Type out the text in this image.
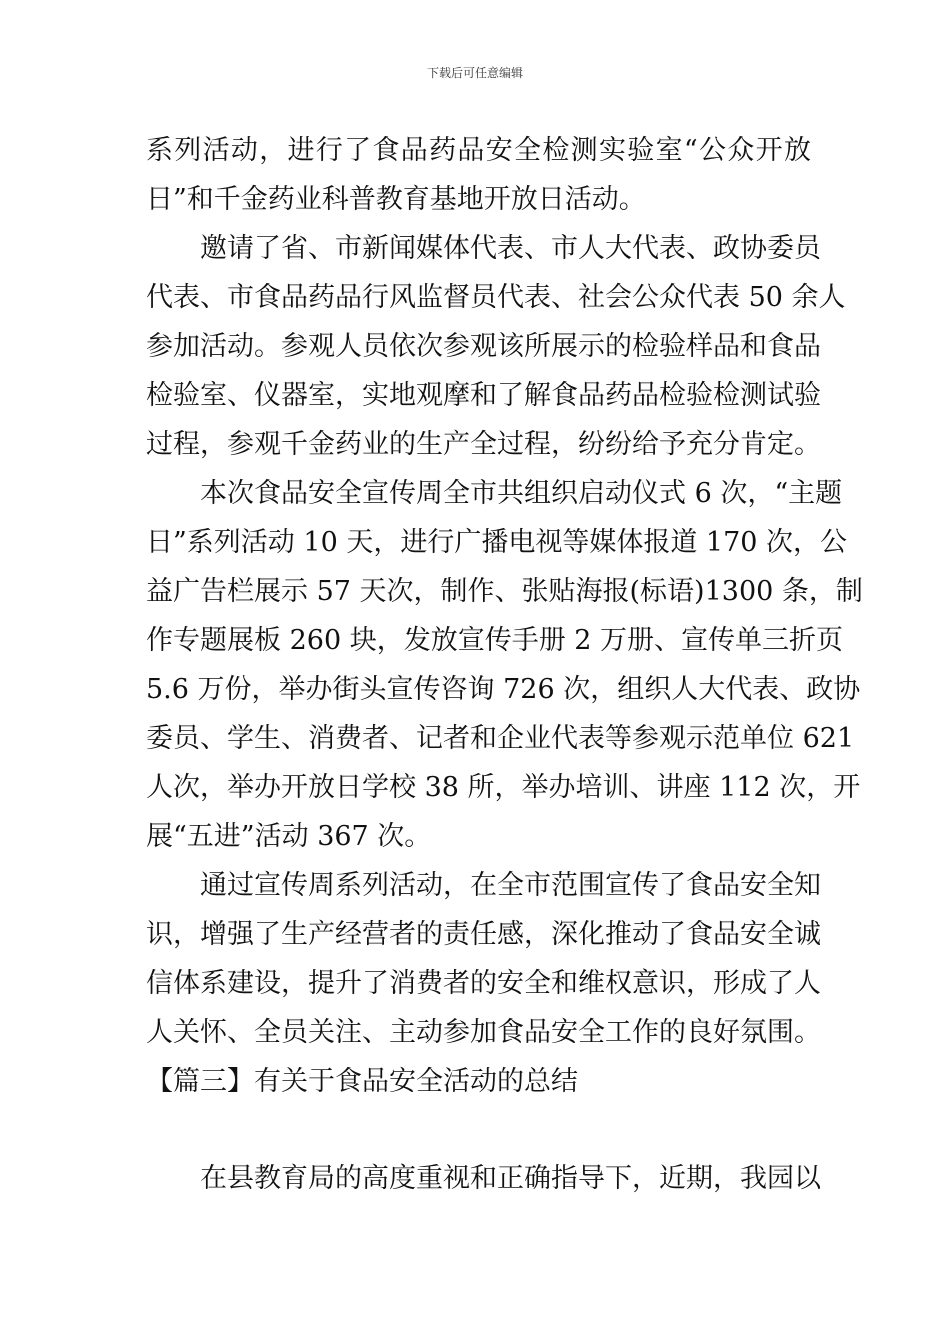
下载后可任意编辑
系列活动，进行了食品药品安全检测实验室“公众开放
日”和千金药业科普教育基地开放日活动。
邀请了省、市新闻媒体代表、市人大代表、政协委员
代表、市食品药品行风监督员代表、社会公众代表 50 余人
参加活动。参观人员依次参观该所展示的检验样品和食品
检验室、仪器室，实地观摩和了解食品药品检验检测试验
过程，参观千金药业的生产全过程，纷纷给予充分肯定。
本次食品安全宣传周全市共组织启动仪式 6 次，“主题
日”系列活动 10 天，进行广播电视等媒体报道 170 次，公
益广告栏展示 57 天次，制作、张贴海报(标语)1300 条，制
作专题展板 260 块，发放宣传手册 2 万册、宣传单三折页
5.6 万份，举办街头宣传咨询 726 次，组织人大代表、政协
委员、学生、消费者、记者和企业代表等参观示范单位 621
人次，举办开放日学校 38 所，举办培训、讲座 112 次，开
展“五进”活动 367 次。
通过宣传周系列活动，在全市范围宣传了食品安全知
识，增强了生产经营者的责任感，深化推动了食品安全诚
信体系建设，提升了消费者的安全和维权意识，形成了人
人关怀、全员关注、主动参加食品安全工作的良好氛围。
【篇三】有关于食品安全活动的总结
在县教育局的高度重视和正确指导下，近期，我园以
